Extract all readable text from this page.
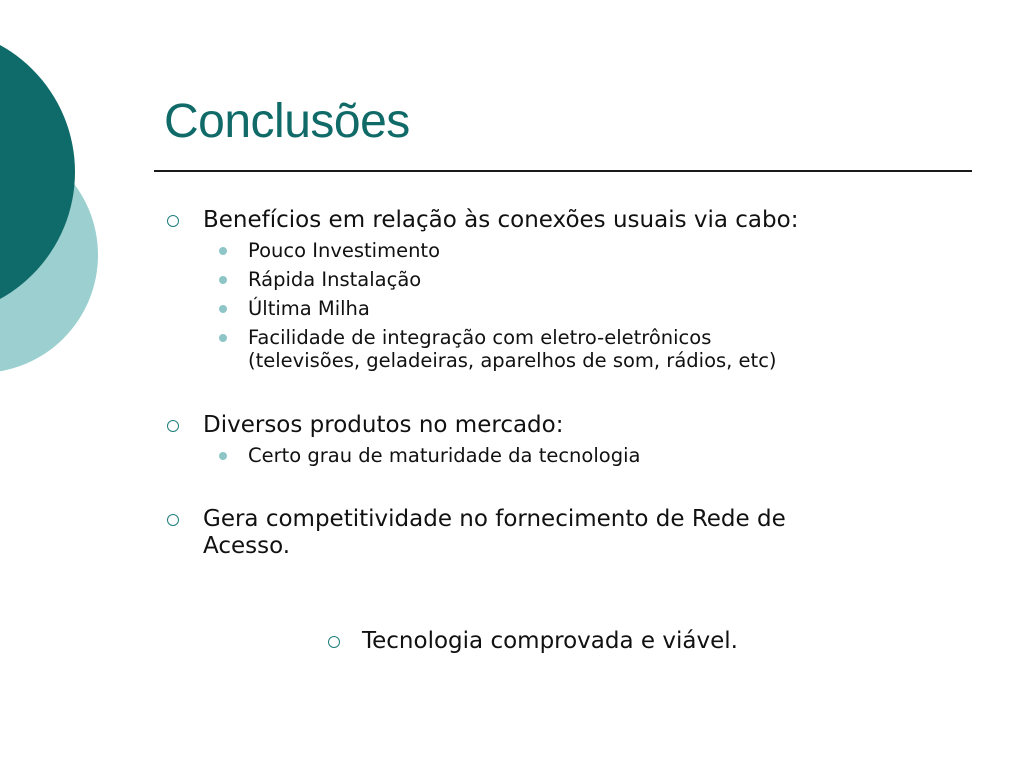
Conclusões
Benefícios em relação às conexões usuais via cabo:
Pouco Investimento
Rápida Instalação
Última Milha
Facilidade de integração com eletro-eletrônicos
(televisões, geladeiras, aparelhos de som, rádios, etc)
Diversos produtos no mercado:
Certo grau de maturidade da tecnologia
Gera competitividade no fornecimento de Rede de
Acesso.
Tecnologia comprovada e viável.
